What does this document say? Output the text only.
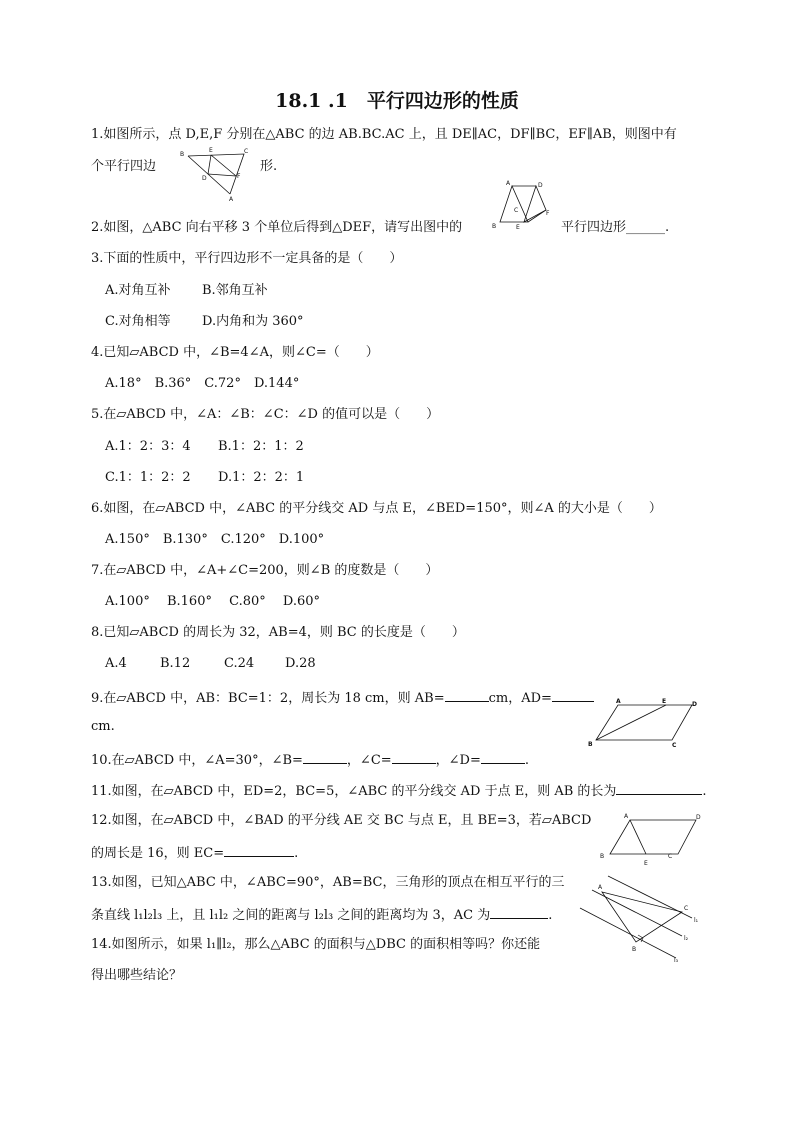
18.1 .1　平行四边形的性质
1.如图所示，点 D,E,F 分别在△ABC 的边 AB.BC.AC 上，且 DE∥AC，DF∥BC，EF∥AB，则图中有
个平行四边	形.
B	C
E
D	F
A
2.如图，△ABC 向右平移 3 个单位后得到△DEF，请写出图中的	平行四边形______.
A	D
B	E
C	F
3.下面的性质中，平行四边形不一定具备的是（　　）
A.对角互补 B.邻角互补
C.对角相等 D.内角和为 360°
4.已知▱ABCD 中，∠B=4∠A，则∠C=（　　）
A.18°　B.36°　C.72°　D.144°
5.在▱ABCD 中，∠A：∠B：∠C：∠D 的值可以是（　　）
A.1：2：3：4 B.1：2：1：2
C.1：1：2：2 D.1：2：2：1
6.如图，在▱ABCD 中，∠ABC 的平分线交 AD 与点 E，∠BED=150°，则∠A 的大小是（　　）
A.150°　B.130°　C.120°　D.100°
7.在▱ABCD 中，∠A+∠C=200，则∠B 的度数是（　　）
A.100°　 B.160°　 C.80°　 D.60°
8.已知▱ABCD 的周长为 32，AB=4，则 BC 的长度是（　　）
A.4	B.12	C.24 D.28
9.在▱ABCD 中，AB：BC=1：2，周长为 18 cm，则 AB=	cm，AD=
cm.
A	E	D
B	C
10.在▱ABCD 中，∠A=30°，∠B=	，∠C=	，∠D=	.
11.如图，在▱ABCD 中，ED=2，BC=5，∠ABC 的平分线交 AD 于点 E，则 AB 的长为	.
12.如图，在▱ABCD 中，∠BAD 的平分线 AE 交 BC 与点 E，且 BE=3，若▱ABCD
的周长是 16，则 EC=	.
A	D
B
E
C
13.如图，已知△ABC 中，∠ABC=90°，AB=BC，三角形的顶点在相互平行的三
条直线 l₁l₂l₃ 上，且 l₁l₂ 之间的距离与 l₂l₃ 之间的距离均为 3，AC 为	.
A
C
B
l₁
l₂
l₃
14.如图所示，如果 l₁∥l₂，那么△ABC 的面积与△DBC 的面积相等吗？你还能
得出哪些结论？
